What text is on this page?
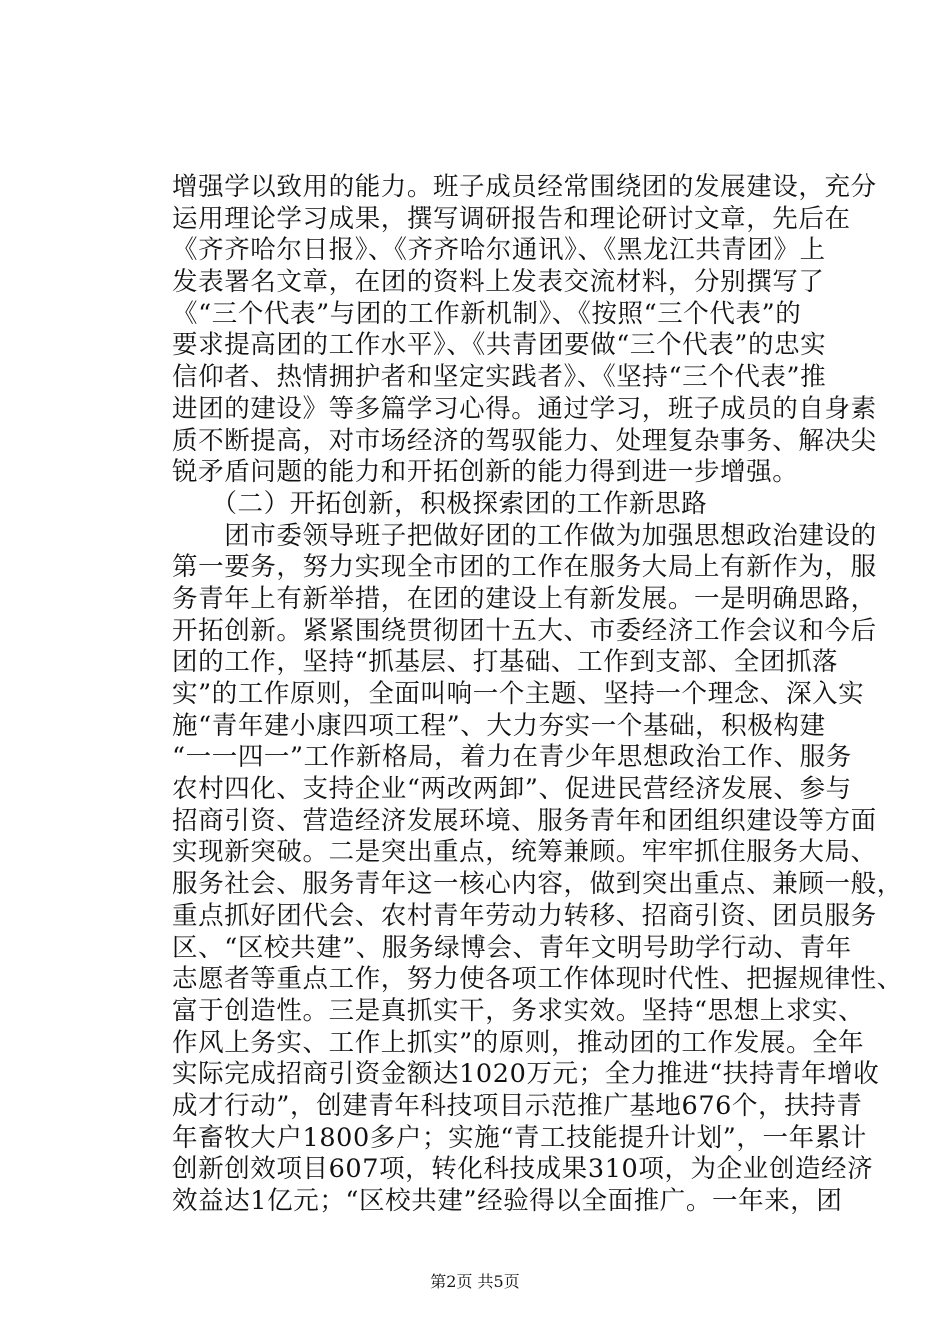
增强学以致用的能力。班子成员经常围绕团的发展建设，充分
运用理论学习成果，撰写调研报告和理论研讨文章，先后在
《齐齐哈尔日报》、《齐齐哈尔通讯》、《黑龙江共青团》上
发表署名文章，在团的资料上发表交流材料，分别撰写了
《“三个代表”与团的工作新机制》、《按照“三个代表”的
要求提高团的工作水平》、《共青团要做“三个代表”的忠实
信仰者、热情拥护者和坚定实践者》、《坚持“三个代表”推
进团的建设》等多篇学习心得。通过学习，班子成员的自身素
质不断提高，对市场经济的驾驭能力、处理复杂事务、解决尖
锐矛盾问题的能力和开拓创新的能力得到进一步增强。
　　（二）开拓创新，积极探索团的工作新思路
　　团市委领导班子把做好团的工作做为加强思想政治建设的
第一要务，努力实现全市团的工作在服务大局上有新作为，服
务青年上有新举措，在团的建设上有新发展。一是明确思路，
开拓创新。紧紧围绕贯彻团十五大、市委经济工作会议和今后
团的工作，坚持“抓基层、打基础、工作到支部、全团抓落
实”的工作原则，全面叫响一个主题、坚持一个理念、深入实
施“青年建小康四项工程”、大力夯实一个基础，积极构建
“一一四一”工作新格局，着力在青少年思想政治工作、服务
农村四化、支持企业“两改两卸”、促进民营经济发展、参与
招商引资、营造经济发展环境、服务青年和团组织建设等方面
实现新突破。二是突出重点，统筹兼顾。牢牢抓住服务大局、
服务社会、服务青年这一核心内容，做到突出重点、兼顾一般，
重点抓好团代会、农村青年劳动力转移、招商引资、团员服务
区、“区校共建”、服务绿博会、青年文明号助学行动、青年
志愿者等重点工作，努力使各项工作体现时代性、把握规律性、
富于创造性。三是真抓实干，务求实效。坚持“思想上求实、
作风上务实、工作上抓实”的原则，推动团的工作发展。全年
实际完成招商引资金额达1020万元；全力推进“扶持青年增收
成才行动”，创建青年科技项目示范推广基地676个，扶持青
年畜牧大户1800多户；实施“青工技能提升计划”，一年累计
创新创效项目607项，转化科技成果310项，为企业创造经济
效益达1亿元；“区校共建”经验得以全面推广。一年来，团
第2页 共5页
